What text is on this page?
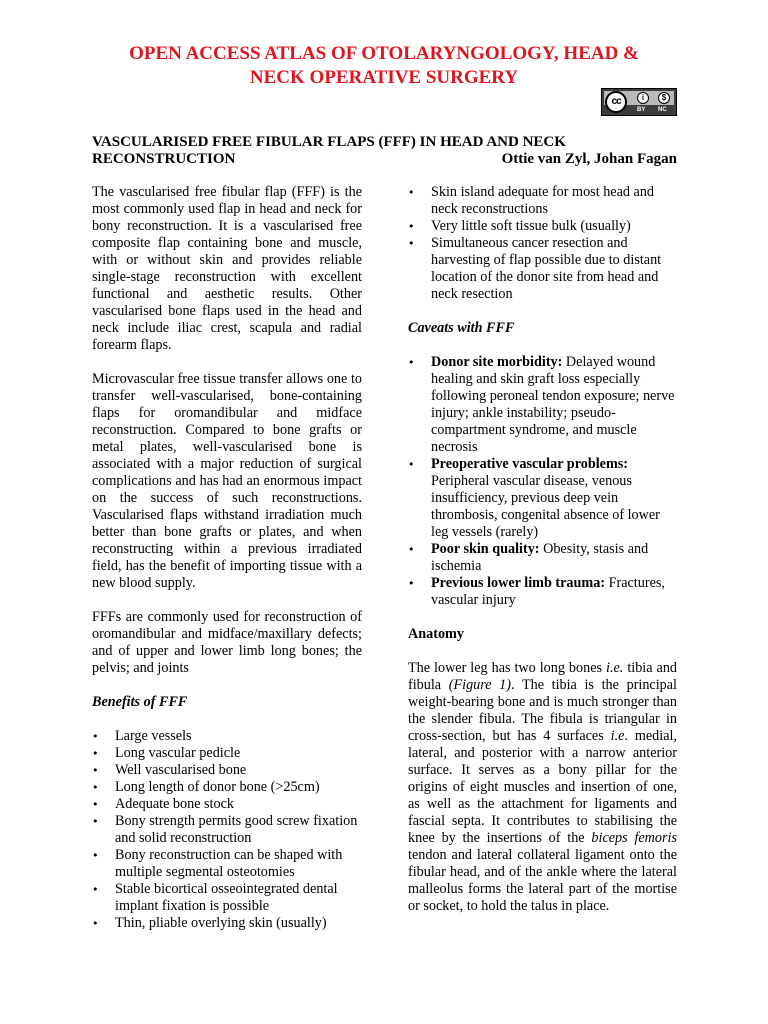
OPEN ACCESS ATLAS OF OTOLARYNGOLOGY, HEAD &
NECK OPERATIVE SURGERY
cc	i	$
BY NC
VASCULARISED FREE FIBULAR FLAPS (FFF) IN HEAD AND NECK
RECONSTRUCTION	Ottie van Zyl, Johan Fagan

The vascularised free fibular flap (FFF) is the most commonly used flap in head and neck for bony reconstruction. It is a vascularised free composite flap containing bone and muscle, with or without skin and provides reliable single-stage reconstruction with excellent functional and aesthetic results. Other vascularised bone flaps used in the head and neck include iliac crest, scapula and radial forearm flaps.

Microvascular free tissue transfer allows one to transfer well-vascularised, bone-containing flaps for oromandibular and midface reconstruction. Compared to bone grafts or metal plates, well-vascularised bone is associated with a major reduction of surgical complications and has had an enormous impact on the success of such reconstructions. Vascularised flaps withstand irradiation much better than bone grafts or plates, and when reconstructing within a previous irradiated field, has the benefit of importing tissue with a new blood supply.

FFFs are commonly used for reconstruction of oromandibular and midface/maxillary defects; and of upper and lower limb long bones; the pelvis; and joints

Benefits of FFF
• Large vessels
• Long vascular pedicle
• Well vascularised bone
• Long length of donor bone (>25cm)
• Adequate bone stock
• Bony strength permits good screw fixation and solid reconstruction
• Bony reconstruction can be shaped with multiple segmental osteotomies
• Stable bicortical osseointegrated dental implant fixation is possible
• Thin, pliable overlying skin (usually)
• Skin island adequate for most head and neck reconstructions
• Very little soft tissue bulk (usually)
• Simultaneous cancer resection and harvesting of flap possible due to distant location of the donor site from head and neck resection
Caveats with FFF
• Donor site morbidity: Delayed wound healing and skin graft loss especially following peroneal tendon exposure; nerve injury; ankle instability; pseudo-compartment syndrome, and muscle necrosis
• Preoperative vascular problems: Peripheral vascular disease, venous insufficiency, previous deep vein thrombosis, congenital absence of lower leg vessels (rarely)
• Poor skin quality: Obesity, stasis and ischemia
• Previous lower limb trauma: Fractures, vascular injury
Anatomy

The lower leg has two long bones i.e. tibia and fibula (Figure 1). The tibia is the principal weight-bearing bone and is much stronger than the slender fibula. The fibula is triangular in cross-section, but has 4 surfaces i.e. medial, lateral, and posterior with a narrow anterior surface. It serves as a bony pillar for the origins of eight muscles and insertion of one, as well as the attachment for ligaments and fascial septa. It contributes to stabilising the knee by the insertions of the biceps femoris tendon and lateral collateral ligament onto the fibular head, and of the ankle where the lateral malleolus forms the lateral part of the mortise or socket, to hold the talus in place.
